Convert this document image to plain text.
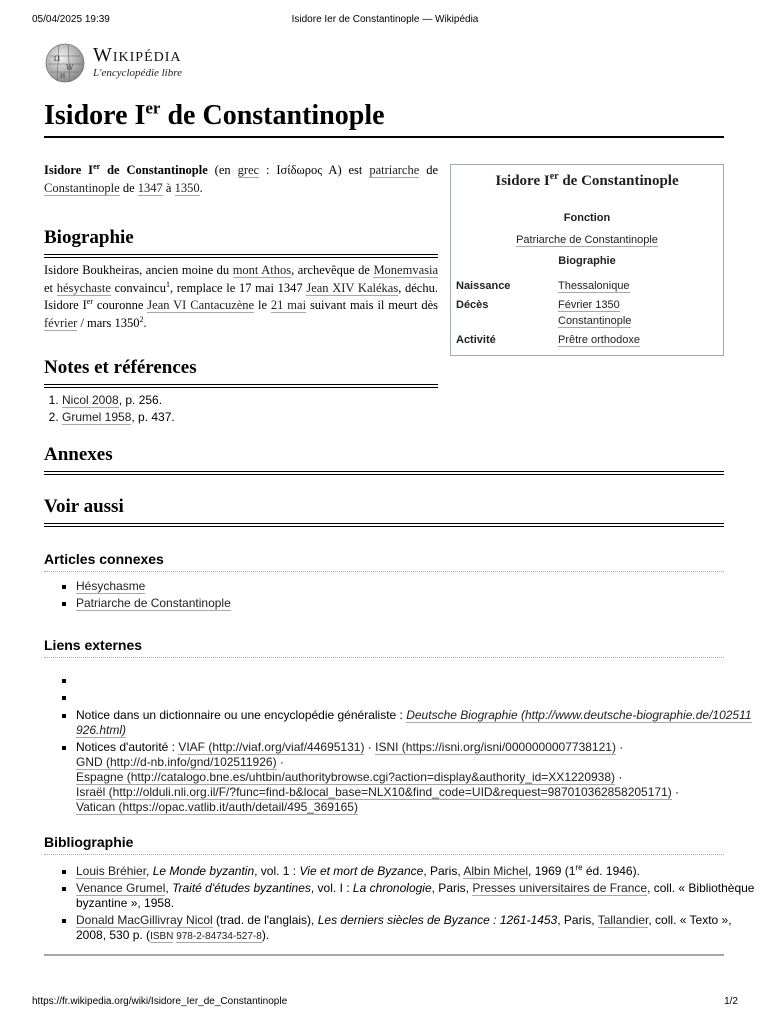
05/04/2025 19:39	Isidore Ier de Constantinople — Wikipédia
Ω
W
И
Wikipédia
L'encyclopédie libre
Isidore Ier de Constantinople

Isidore Ier de Constantinople (en grec : Ισίδωρος Α) est patriarche de Constantinople de 1347 à 1350.	Isidore Ier de Constantinople
Fonction
Patriarche de Constantinople
Biographie
Naissance	Thessalonique
Décès	Février 1350
Constantinople
Activité	Prêtre orthodoxe
Biographie

Isidore Boukheiras, ancien moine du mont Athos, archevêque de Monemvasia et hésychaste convaincu$^1$, remplace le 17 mai 1347 Jean XIV Kalékas, déchu. Isidore Ier couronne Jean VI Cantacuzène le 21 mai suivant mais il meurt dès février / mars 1350$^2$.

Notes et références
1. Nicol 2008, p. 256.
2. Grumel 1958, p. 437.
Annexes
Voir aussi
Articles connexes
▪ Hésychasme
▪ Patriarche de Constantinople
Liens externes
▪
▪
▪ Notice dans un dictionnaire ou une encyclopédie généraliste : Deutsche Biographie (http://www.deutsche-biographie.de/102511926.html)
▪ Notices d'autorité : VIAF (http://viaf.org/viaf/44695131) · ISNI (https://isni.org/isni/0000000007738121) ·
GND (http://d-nb.info/gnd/102511926) ·
Espagne (http://catalogo.bne.es/uhtbin/authoritybrowse.cgi?action=display&authority_id=XX1220938) ·
Israël (http://olduli.nli.org.il/F/?func=find-b&local_base=NLX10&find_code=UID&request=987010362858205171) ·
Vatican (https://opac.vatlib.it/auth/detail/495_369165)
Bibliographie
▪ Louis Bréhier, Le Monde byzantin, vol. 1 : Vie et mort de Byzance, Paris, Albin Michel, 1969 (1re éd. 1946).
▪ Venance Grumel, Traité d'études byzantines, vol. I : La chronologie, Paris, Presses universitaires de France, coll. « Bibliothèque byzantine », 1958.
▪ Donald MacGillivray Nicol (trad. de l'anglais), Les derniers siècles de Byzance : 1261-1453, Paris, Tallandier, coll. « Texto », 2008, 530 p. (ISBN 978-2-84734-527-8).
https://fr.wikipedia.org/wiki/Isidore_Ier_de_Constantinople	1/2
